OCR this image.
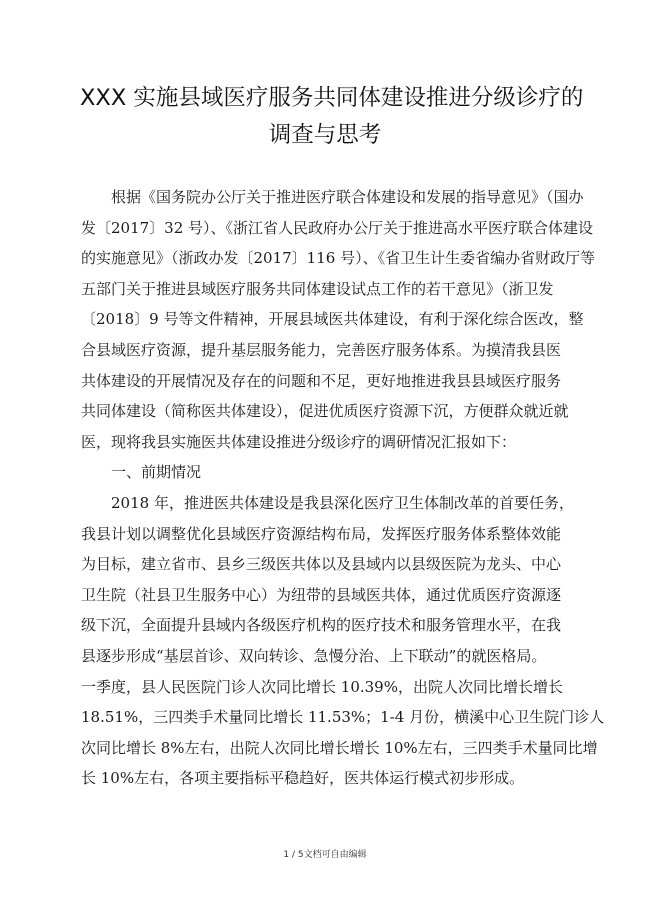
XXX 实施县域医疗服务共同体建设推进分级诊疗的
调查与思考

根据《国务院办公厅关于推进医疗联合体建设和发展的指导意见》（国办
发〔2017〕32 号）、《浙江省人民政府办公厅关于推进高水平医疗联合体建设
的实施意见》（浙政办发〔2017〕116 号）、《省卫生计生委省编办省财政厅等
五部门关于推进县域医疗服务共同体建设试点工作的若干意见》（浙卫发
〔2018〕9 号等文件精神，开展县域医共体建设，有利于深化综合医改，整
合县域医疗资源，提升基层服务能力，完善医疗服务体系。为摸清我县医
共体建设的开展情况及存在的问题和不足，更好地推进我县县域医疗服务
共同体建设（简称医共体建设），促进优质医疗资源下沉，方便群众就近就
医，现将我县实施医共体建设推进分级诊疗的调研情况汇报如下：

一、前期情况

2018 年，推进医共体建设是我县深化医疗卫生体制改革的首要任务，
我县计划以调整优化县域医疗资源结构布局，发挥医疗服务体系整体效能
为目标，建立省市、县乡三级医共体以及县域内以县级医院为龙头、中心
卫生院（社县卫生服务中心）为纽带的县域医共体，通过优质医疗资源逐
级下沉，全面提升县域内各级医疗机构的医疗技术和服务管理水平，在我
县逐步形成“基层首诊、双向转诊、急慢分治、上下联动”的就医格局。
一季度，县人民医院门诊人次同比增长 10.39%，出院人次同比增长增长
18.51%，三四类手术量同比增长 11.53%；1-4 月份，横溪中心卫生院门诊人
次同比增长 8%左右，出院人次同比增长增长 10%左右，三四类手术量同比增
长 10%左右，各项主要指标平稳趋好，医共体运行模式初步形成。

1 / 5文档可自由编辑
